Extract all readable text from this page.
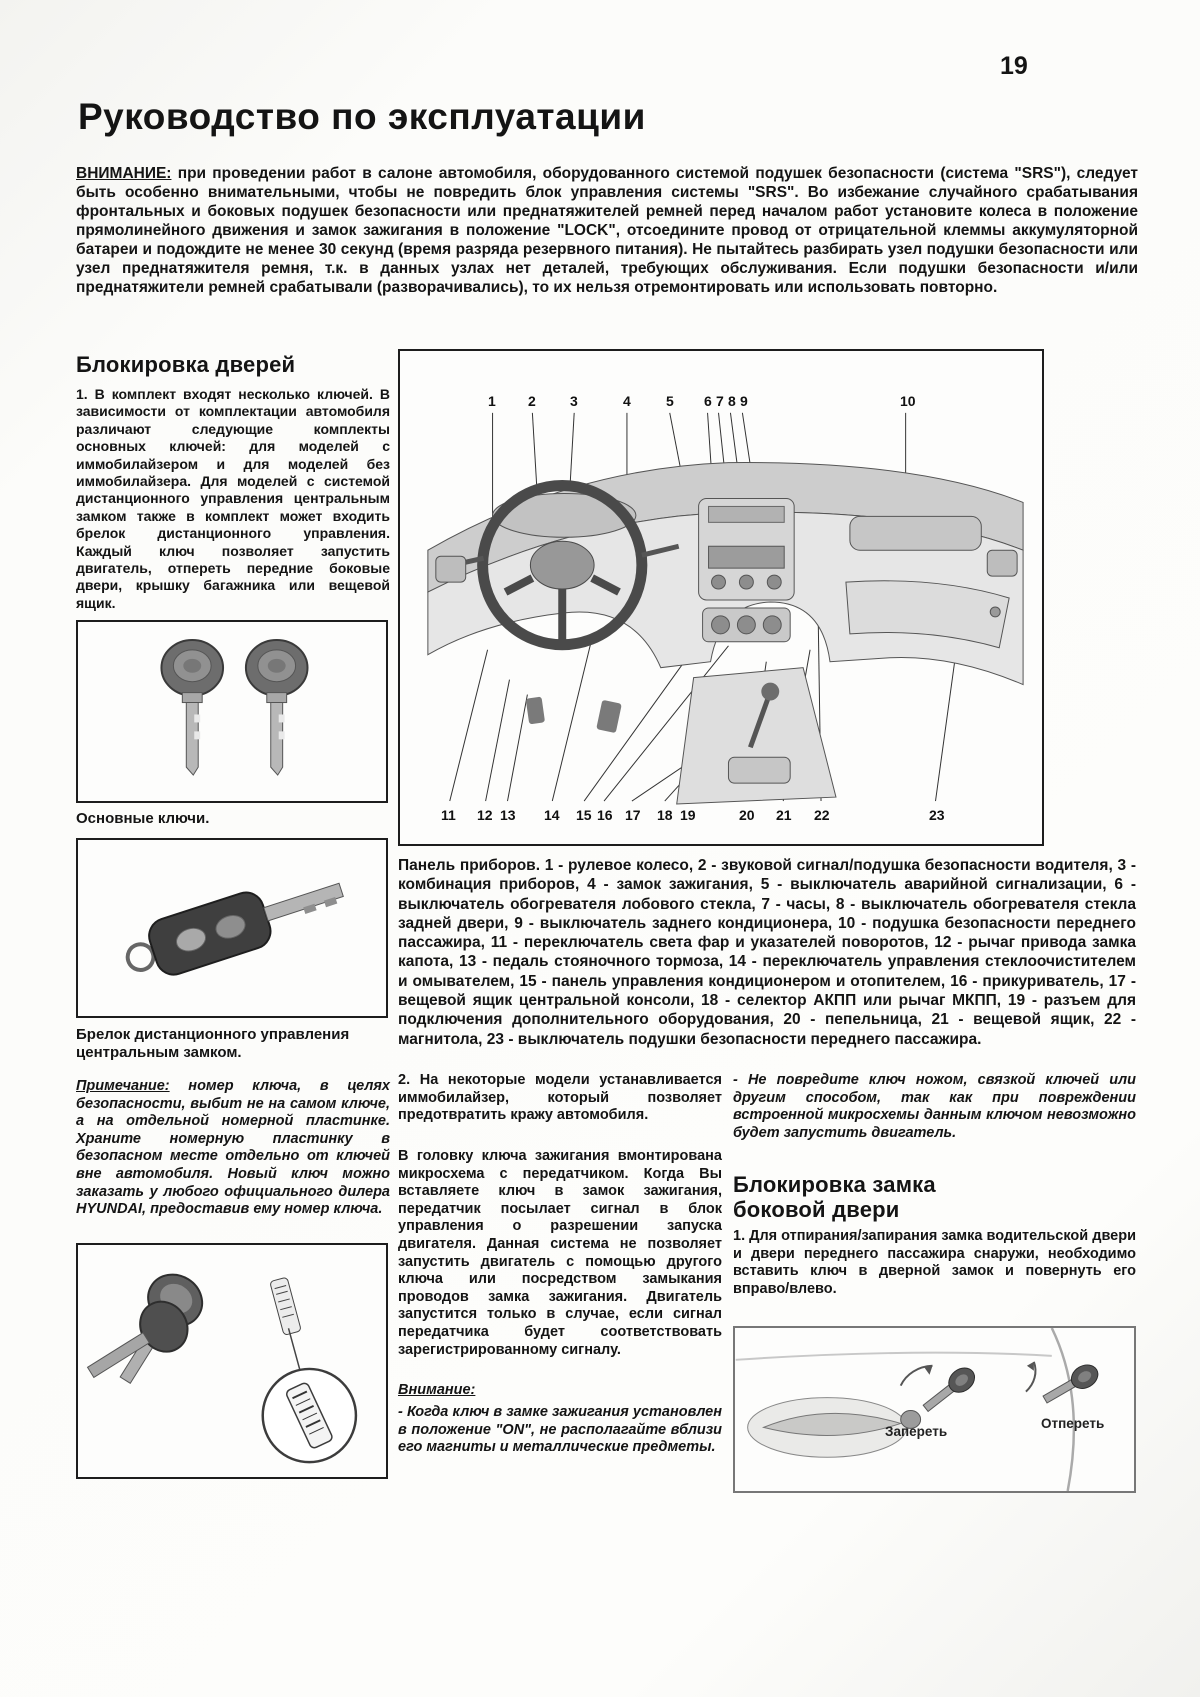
19
Руководство по эксплуатации

ВНИМАНИЕ: при проведении работ в салоне автомобиля, оборудованного системой подушек безопасности (система "SRS"), следует быть особенно внимательными, чтобы не повредить блок управления системы "SRS". Во избежание случайного срабатывания фронтальных и боковых подушек безопасности или преднатяжителей ремней перед началом работ установите колеса в положение прямолинейного движения и замок зажигания в положение "LOCK", отсоедините провод от отрицательной клеммы аккумуляторной батареи и подождите не менее 30 секунд (время разряда резервного питания). Не пытайтесь разбирать узел подушки безопасности или узел преднатяжителя ремня, т.к. в данных узлах нет деталей, требующих обслуживания. Если подушки безопасности и/или преднатяжители ремней срабатывали (разворачивались), то их нельзя отремонтировать или использовать повторно.

Блокировка дверей

1. В комплект входят несколько ключей. В зависимости от комплектации автомобиля различают следующие комплекты основных ключей: для моделей с иммобилайзером и для моделей без иммобилайзера. Для моделей с системой дистанционного управления центральным замком также в комплект может входить брелок дистанционного управления. Каждый ключ позволяет запустить двигатель, отпереть передние боковые двери, крышку багажника или вещевой ящик.

Основные ключи.

Брелок дистанционного управления центральным замком.

Примечание: номер ключа, в целях безопасности, выбит не на самом ключе, а на отдельной номерной пластинке. Храните номерную пластинку в безопасном месте отдельно от ключей вне автомобиля. Новый ключ можно заказать у любого официального дилера HYUNDAI, предоставив ему номер ключа.

1 2 3	4	5 6 7 8 9	10
11 12 13 14 15 16 17 18 19	20 21 22	23

Панель приборов. 1 - рулевое колесо, 2 - звуковой сигнал/подушка безопасности водителя, 3 - комбинация приборов, 4 - замок зажигания, 5 - выключатель аварийной сигнализации, 6 - выключатель обогревателя лобового стекла, 7 - часы, 8 - выключатель обогревателя стекла задней двери, 9 - выключатель заднего кондиционера, 10 - подушка безопасности переднего пассажира, 11 - переключатель света фар и указателей поворотов, 12 - рычаг привода замка капота, 13 - педаль стояночного тормоза, 14 - переключатель управления стеклоочистителем и омывателем, 15 - панель управления кондиционером и отопителем, 16 - прикуриватель, 17 - вещевой ящик центральной консоли, 18 - селектор АКПП или рычаг МКПП, 19 - разъем для подключения дополнительного оборудования, 20 - пепельница, 21 - вещевой ящик, 22 - магнитола, 23 - выключатель подушки безопасности переднего пассажира.

2. На некоторые модели устанавливается иммобилайзер, который позволяет предотвратить кражу автомобиля.

В головку ключа зажигания вмонтирована микросхема с передатчиком. Когда Вы вставляете ключ в замок зажигания, передатчик посылает сигнал в блок управления о разрешении запуска двигателя. Данная система не позволяет запустить двигатель с помощью другого ключа или посредством замыкания проводов замка зажигания. Двигатель запустится только в случае, если сигнал передатчика будет соответствовать зарегистрированному сигналу.

Внимание:

- Когда ключ в замке зажигания установлен в положение "ON", не располагайте вблизи его магниты и металлические предметы.

- Не повредите ключ ножом, связкой ключей или другим способом, так как при повреждении встроенной микросхемы данным ключом невозможно будет запустить двигатель.

Блокировка замка боковой двери

1. Для отпирания/запирания замка водительской двери и двери переднего пассажира снаружи, необходимо вставить ключ в дверной замок и повернуть его вправо/влево.

Запереть
Отпереть
